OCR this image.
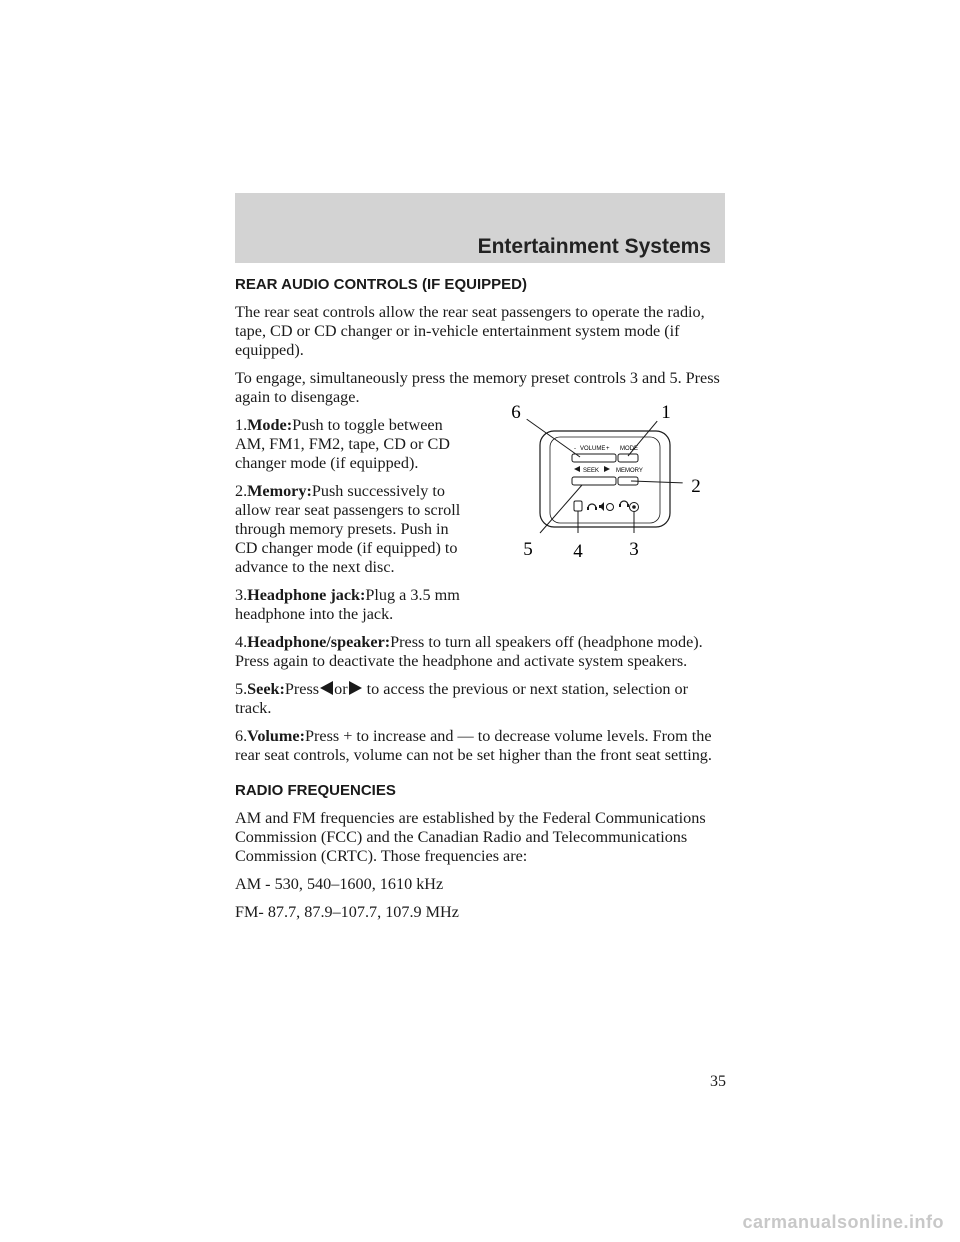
Entertainment Systems
REAR AUDIO CONTROLS (IF EQUIPPED)

The rear seat controls allow the rear seat passengers to operate the radio, tape, CD or CD changer or in-vehicle entertainment system mode (if equipped).

To engage, simultaneously press the memory preset controls 3 and 5. Press again to disengage.

1.Mode:Push to toggle between AM, FM1, FM2, tape, CD or CD changer mode (if equipped).

2.Memory:Push successively to allow rear seat passengers to scroll through memory presets. Push in CD changer mode (if equipped) to advance to the next disc.

3.Headphone jack:Plug a 3.5 mm headphone into the jack.

4.Headphone/speaker:Press to turn all speakers off (headphone mode). Press again to deactivate the headphone and activate system speakers.

5.Seek:Press or to access the previous or next station, selection or track.

6.Volume:Press + to increase and — to decrease volume levels. From the rear seat controls, volume can not be set higher than the front seat setting.

RADIO FREQUENCIES

AM and FM frequencies are established by the Federal Communications Commission (FCC) and the Canadian Radio and Telecommunications Commission (CRTC). Those frequencies are:

AM - 530, 540–1600, 1610 kHz

FM- 87.7, 87.9–107.7, 107.9 MHz

- VOLUME + MODE
SEEK	MEMORY
6	1
2
5 4 3
35
carmanualsonline.info
